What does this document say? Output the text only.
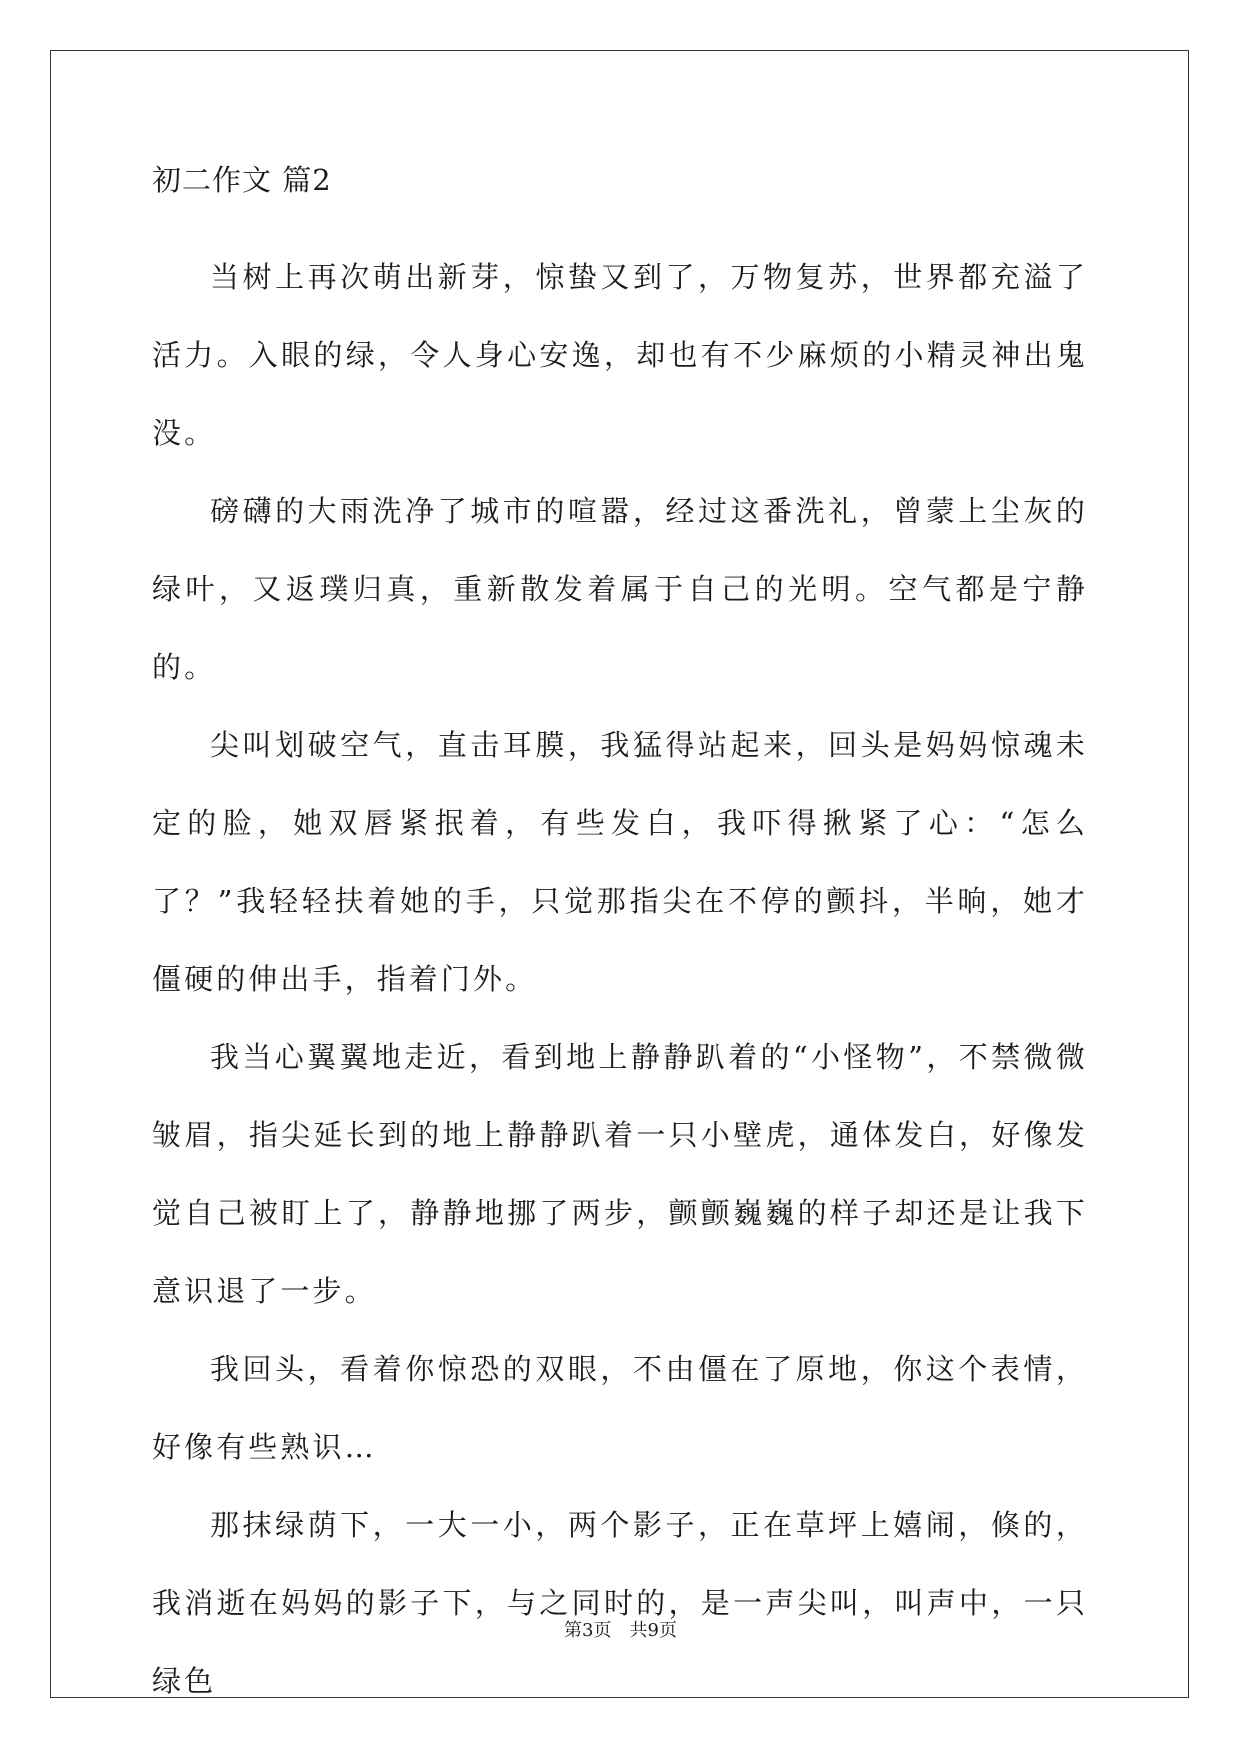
初二作文 篇2

当树上再次萌出新芽，惊蛰又到了，万物复苏，世界都充溢了活力。入眼的绿，令人身心安逸，却也有不少麻烦的小精灵神出鬼没。

磅礴的大雨洗净了城市的喧嚣，经过这番洗礼，曾蒙上尘灰的绿叶，又返璞归真，重新散发着属于自己的光明。空气都是宁静的。

尖叫划破空气，直击耳膜，我猛得站起来，回头是妈妈惊魂未定的脸，她双唇紧抿着，有些发白，我吓得揪紧了心：“怎么了？”我轻轻扶着她的手，只觉那指尖在不停的颤抖，半晌，她才僵硬的伸出手，指着门外。

我当心翼翼地走近，看到地上静静趴着的“小怪物”，不禁微微皱眉，指尖延长到的地上静静趴着一只小壁虎，通体发白，好像发觉自己被盯上了，静静地挪了两步，颤颤巍巍的样子却还是让我下意识退了一步。

我回头，看着你惊恐的双眼，不由僵在了原地，你这个表情，好像有些熟识…

那抹绿荫下，一大一小，两个影子，正在草坪上嬉闹，倏的，我消逝在妈妈的影子下，与之同时的，是一声尖叫，叫声中，一只绿色

第3页 共9页
